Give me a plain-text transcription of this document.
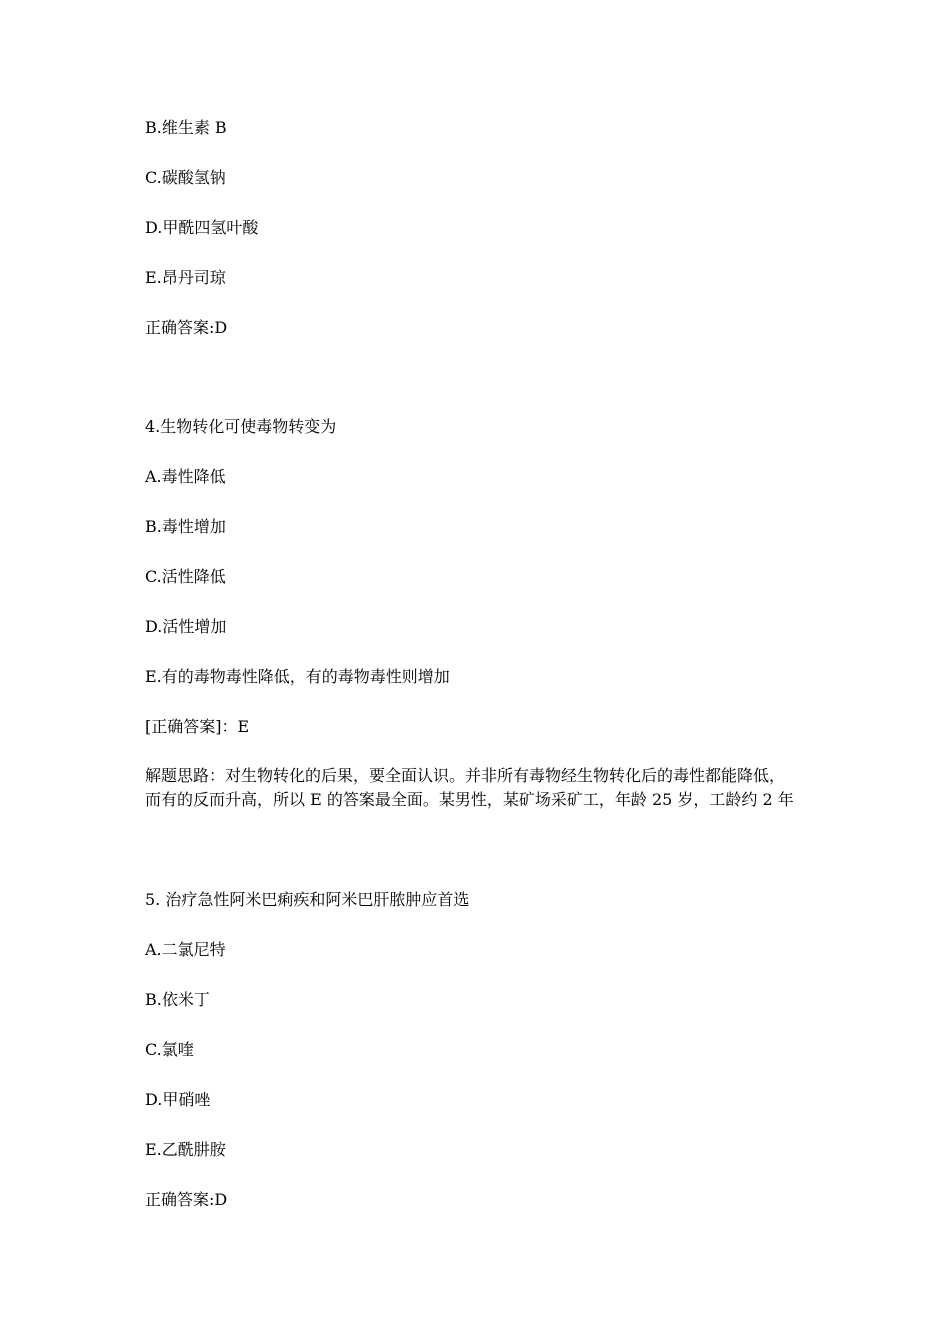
B.维生素 B
C.碳酸氢钠
D.甲酰四氢叶酸
E.昂丹司琼
正确答案:D
4.生物转化可使毒物转变为
A.毒性降低
B.毒性增加
C.活性降低
D.活性增加
E.有的毒物毒性降低，有的毒物毒性则增加
[正确答案]：E
解题思路：对生物转化的后果，要全面认识。并非所有毒物经生物转化后的毒性都能降低，
而有的反而升高，所以 E 的答案最全面。某男性，某矿场采矿工，年龄 25 岁，工龄约 2 年
5. 治疗急性阿米巴痢疾和阿米巴肝脓肿应首选
A.二氯尼特
B.依米丁
C.氯喹
D.甲硝唑
E.乙酰肼胺
正确答案:D
